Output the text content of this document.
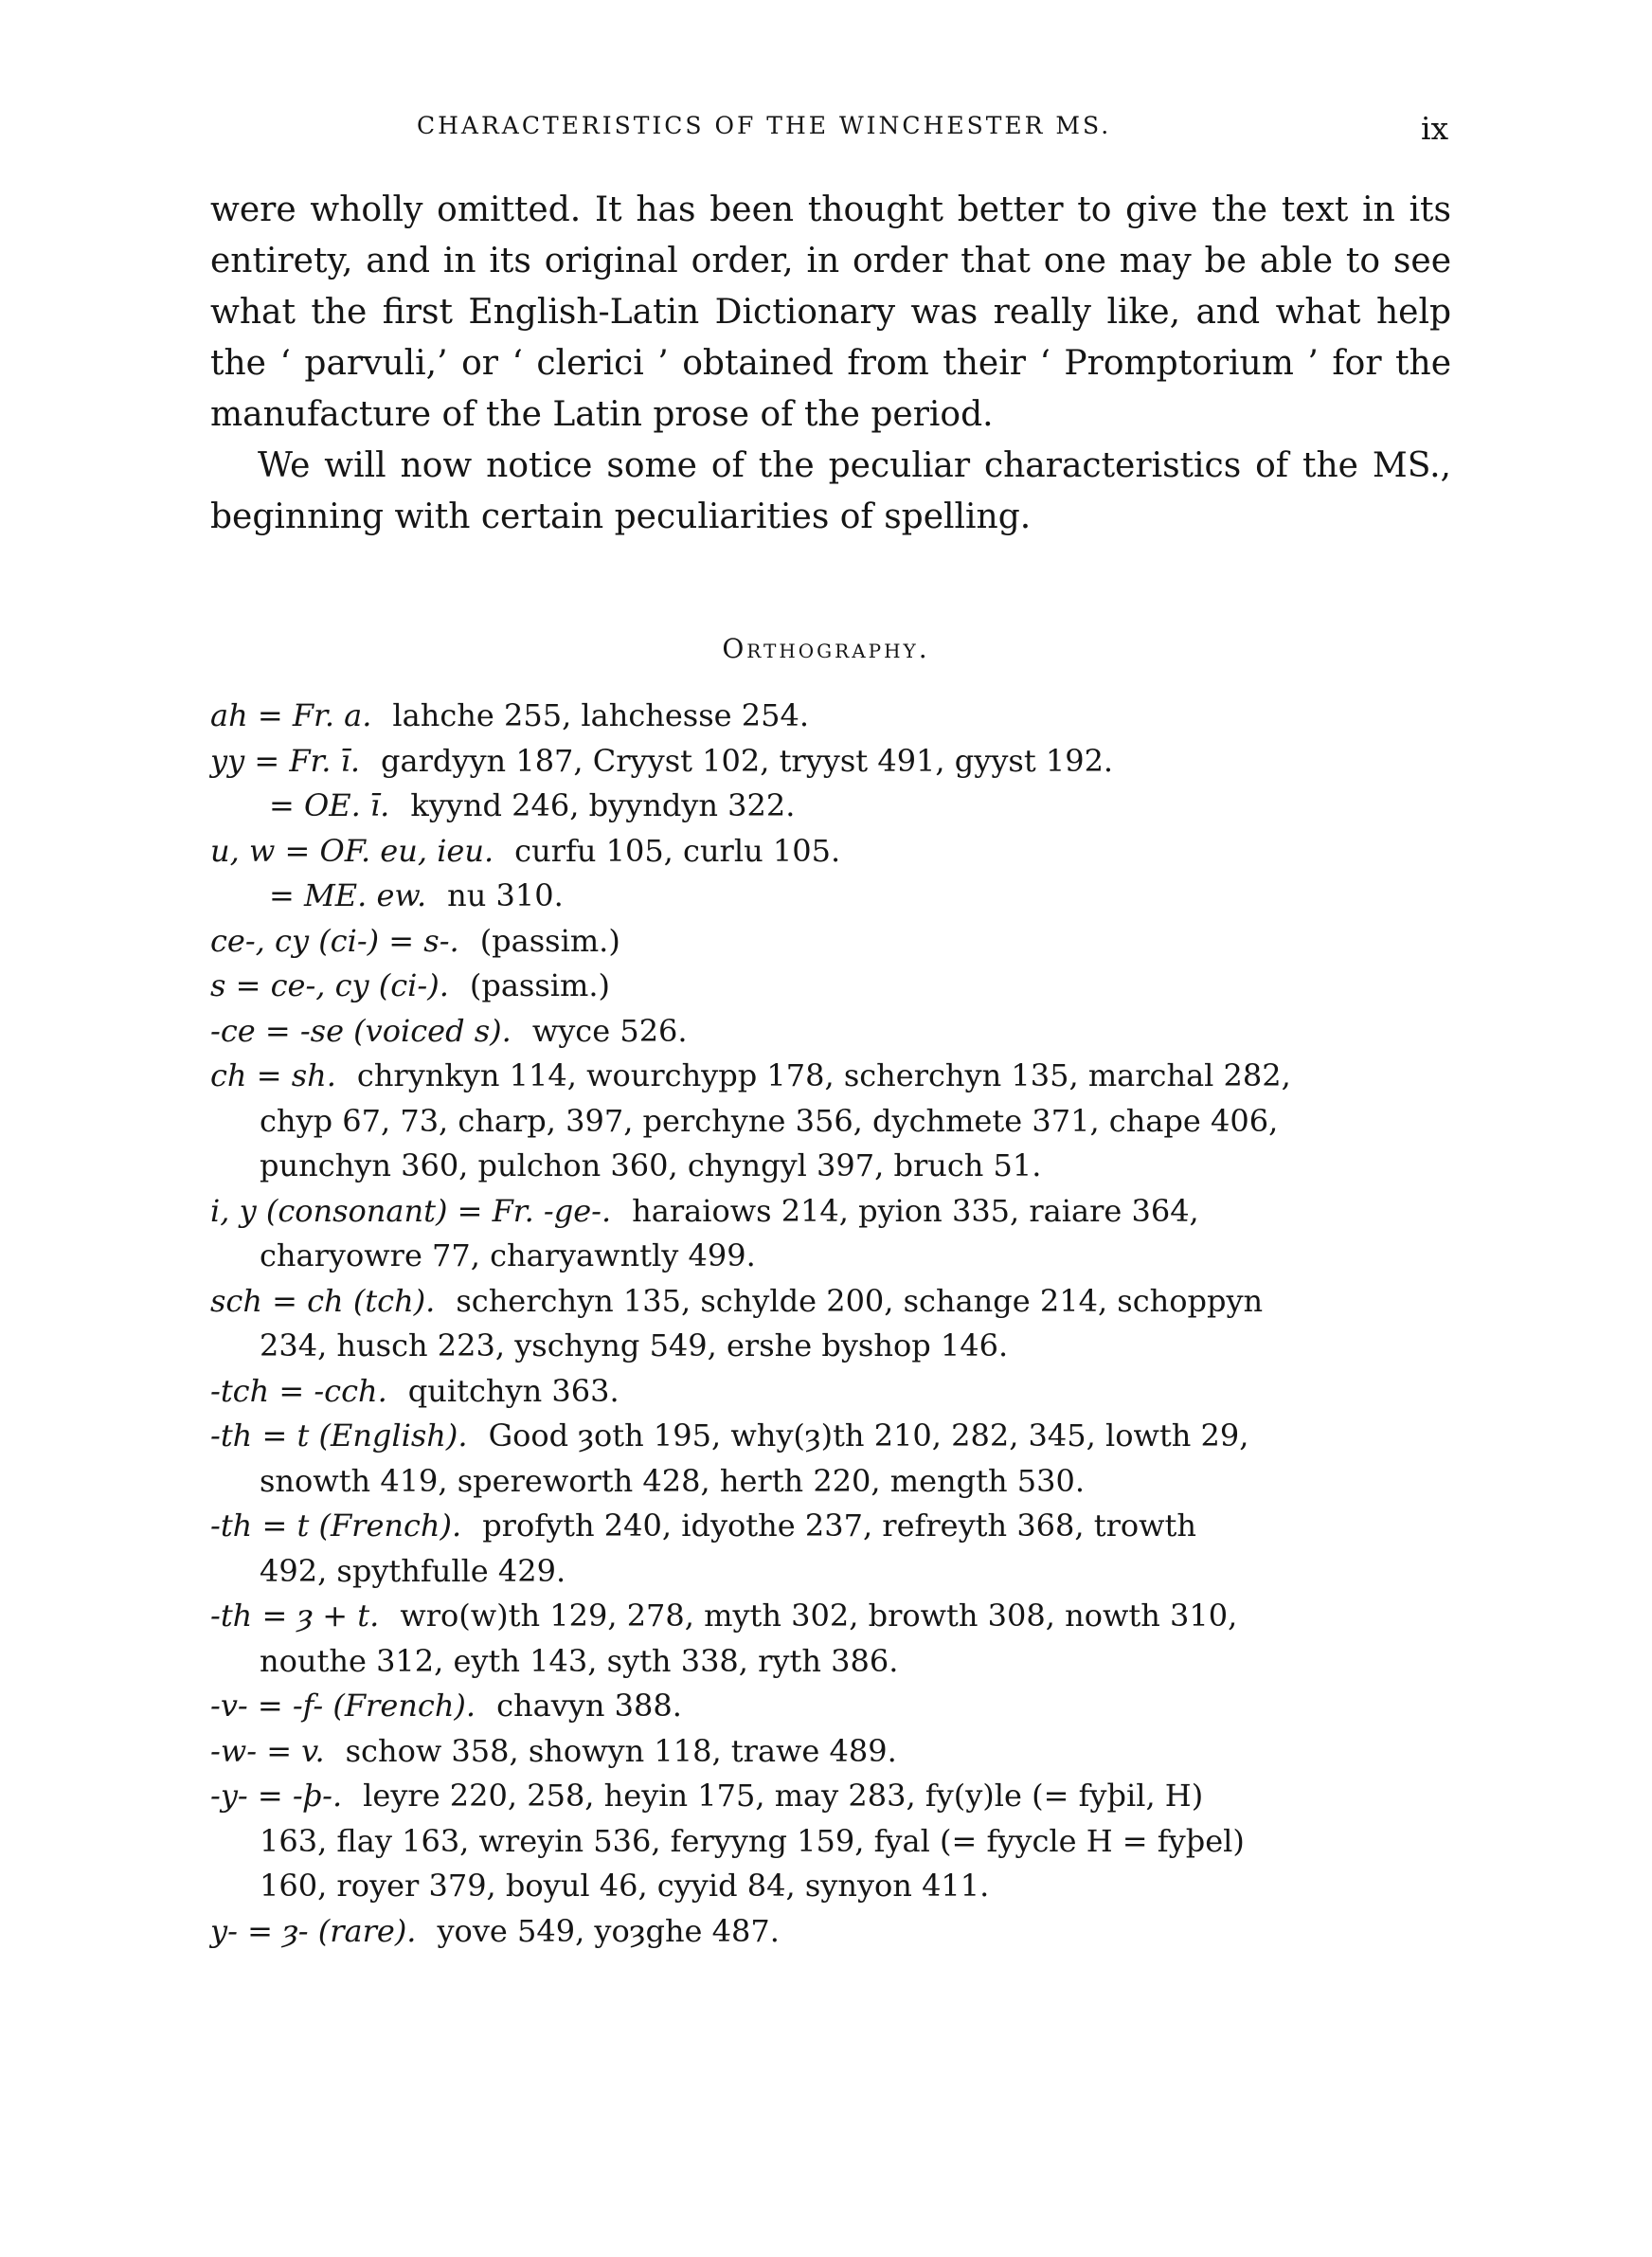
CHARACTERISTICS OF THE WINCHESTER MS.	ix

were wholly omitted. It has been thought better to give the text in its entirety, and in its original order, in order that one may be able to see what the first English-Latin Dictionary was really like, and what help the ‘ parvuli,’ or ‘ clerici ’ obtained from their ‘ Promptorium ’ for the manufacture of the Latin prose of the period.

We will now notice some of the peculiar characteristics of the MS., beginning with certain peculiarities of spelling.

Orthography.
ah = Fr. a. lahche 255, lahchesse 254.
yy = Fr. ī. gardyyn 187, Cryyst 102, tryyst 491, gyyst 192.
= OE. ī. kyynd 246, byyndyn 322.
u, w = OF. eu, ieu. curfu 105, curlu 105.
= ME. ew. nu 310.
ce-, cy (ci-) = s-. (passim.)
s = ce-, cy (ci-). (passim.)
-ce = -se (voiced s). wyce 526.
ch = sh. chrynkyn 114, wourchypp 178, scherchyn 135, marchal 282,
chyp 67, 73, charp, 397, perchyne 356, dychmete 371, chape 406,
punchyn 360, pulchon 360, chyngyl 397, bruch 51.
i, y (consonant) = Fr. -ge-. haraiows 214, pyion 335, raiare 364,
charyowre 77, charyawntly 499.
sch = ch (tch). scherchyn 135, schylde 200, schange 214, schoppyn
234, husch 223, yschyng 549, ershe byshop 146.
-tch = -cch. quitchyn 363.
-th = t (English). Good ȝoth 195, why(ȝ)th 210, 282, 345, lowth 29,
snowth 419, spereworth 428, herth 220, mength 530.
-th = t (French). profyth 240, idyothe 237, refreyth 368, trowth
492, spythfulle 429.
-th = ȝ + t. wro(w)th 129, 278, myth 302, browth 308, nowth 310,
nouthe 312, eyth 143, syth 338, ryth 386.
-v- = -f- (French). chavyn 388.
-w- = v. schow 358, showyn 118, trawe 489.
-y- = -þ-. leyre 220, 258, heyin 175, may 283, fy(y)le (= fyþil, H)
163, flay 163, wreyin 536, feryyng 159, fyal (= fyycle H = fyþel)
160, royer 379, boyul 46, cyyid 84, synyon 411.
y- = ȝ- (rare). yove 549, yoȝghe 487.
